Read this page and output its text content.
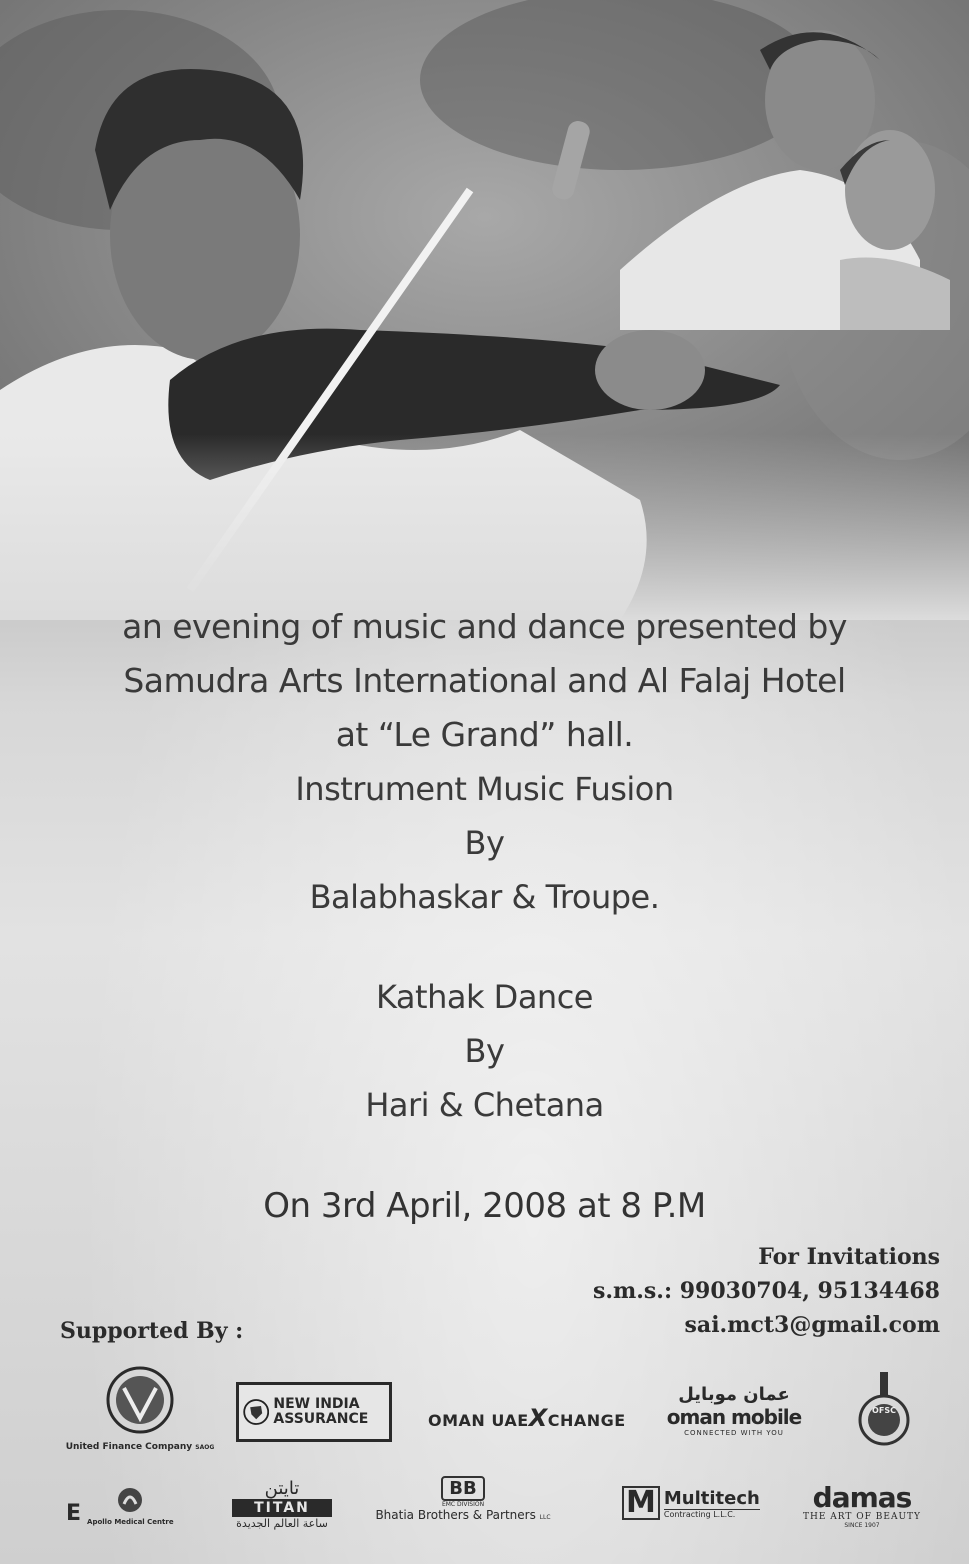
an evening of music and dance presented by
Samudra Arts International and Al Falaj Hotel
at “Le Grand” hall.
Instrument Music Fusion
By
Balabhaskar & Troupe.
Kathak Dance
By
Hari & Chetana
On 3rd April, 2008 at 8 P.M
For Invitations
s.m.s.: 99030704, 95134468
sai.mct3@gmail.com
Supported By :
United Finance Company SAOG
NEW INDIA ASSURANCE	OMAN UAEXCHANGE
عمان موبايل
oman mobile
CONNECTED WITH YOU
OFSC
E Apollo Medical Centre
تايتن
TITAN
ساعة العالم الجديدة
BB
EMC DIVISION
Bhatia Brothers & Partners LLC	M Multitech
Contracting L.L.C.	damas
THE ART OF BEAUTY
SINCE 1907
